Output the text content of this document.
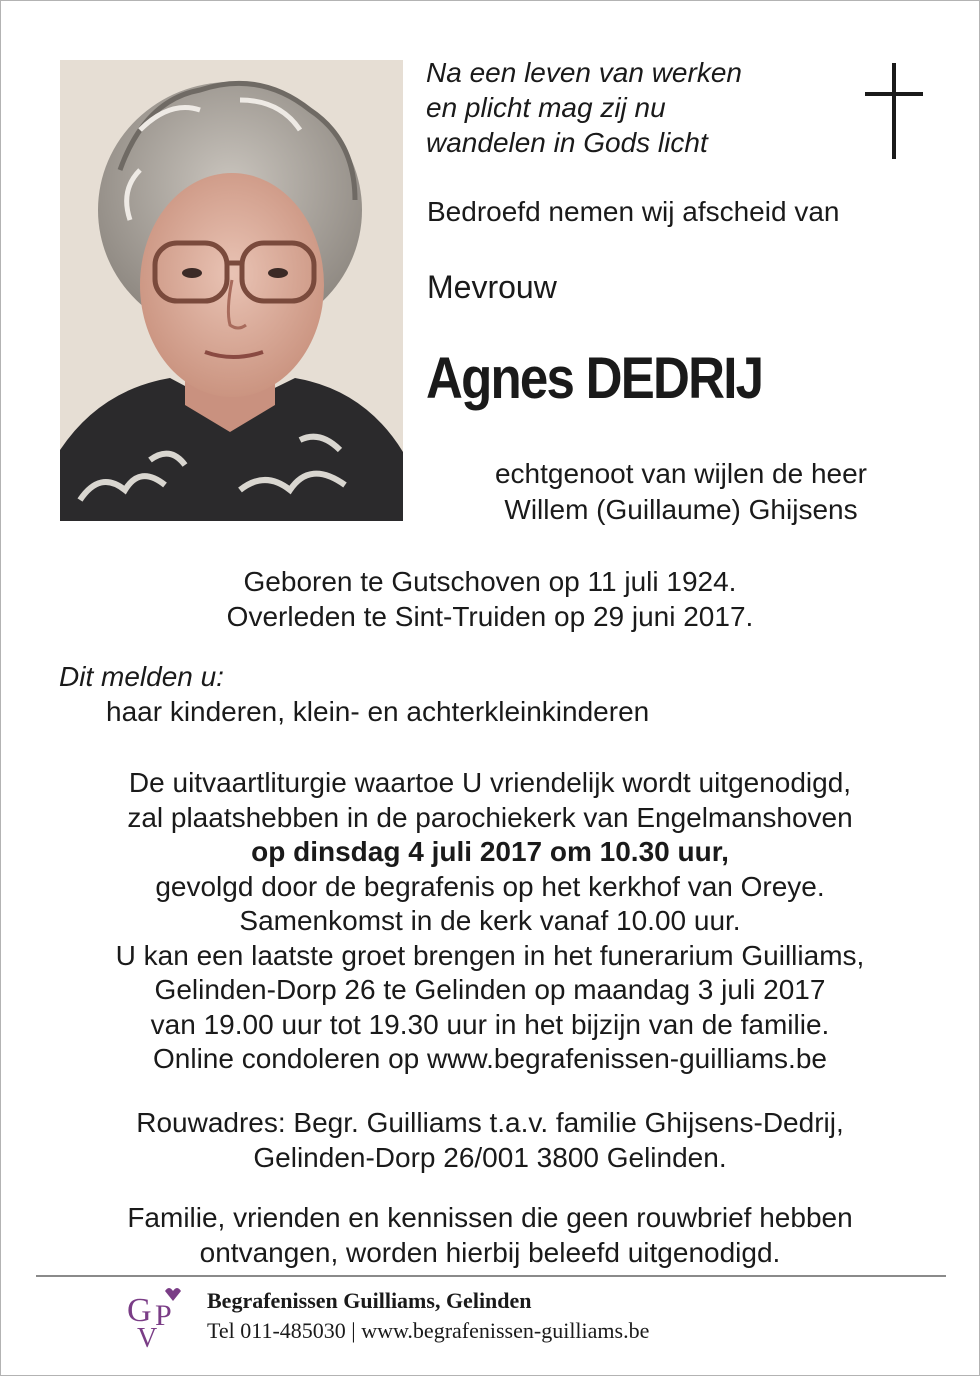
Na een leven van werken
en plicht mag zij nu
wandelen in Gods licht
Bedroefd nemen wij afscheid van
Mevrouw
Agnes DEDRIJ
echtgenoot van wijlen de heer
Willem (Guillaume) Ghijsens
Geboren te Gutschoven op 11 juli 1924.
Overleden te Sint-Truiden op 29 juni 2017.
Dit melden u:
haar kinderen, klein- en achterkleinkinderen
De uitvaartliturgie waartoe U vriendelijk wordt uitgenodigd,
zal plaatshebben in de parochiekerk van Engelmanshoven
op dinsdag 4 juli 2017 om 10.30 uur,
gevolgd door de begrafenis op het kerkhof van Oreye.
Samenkomst in de kerk vanaf 10.00 uur.
U kan een laatste groet brengen in het funerarium Guilliams,
Gelinden-Dorp 26 te Gelinden op maandag 3 juli 2017
van 19.00 uur tot 19.30 uur in het bijzijn van de familie.
Online condoleren op www.begrafenissen-guilliams.be
Rouwadres: Begr. Guilliams t.a.v. familie Ghijsens-Dedrij,
Gelinden-Dorp 26/001 3800 Gelinden.
Familie, vrienden en kennissen die geen rouwbrief hebben
ontvangen, worden hierbij beleefd uitgenodigd.
G P
V
Begrafenissen Guilliams, Gelinden
Tel 011-485030 | www.begrafenissen-guilliams.be
